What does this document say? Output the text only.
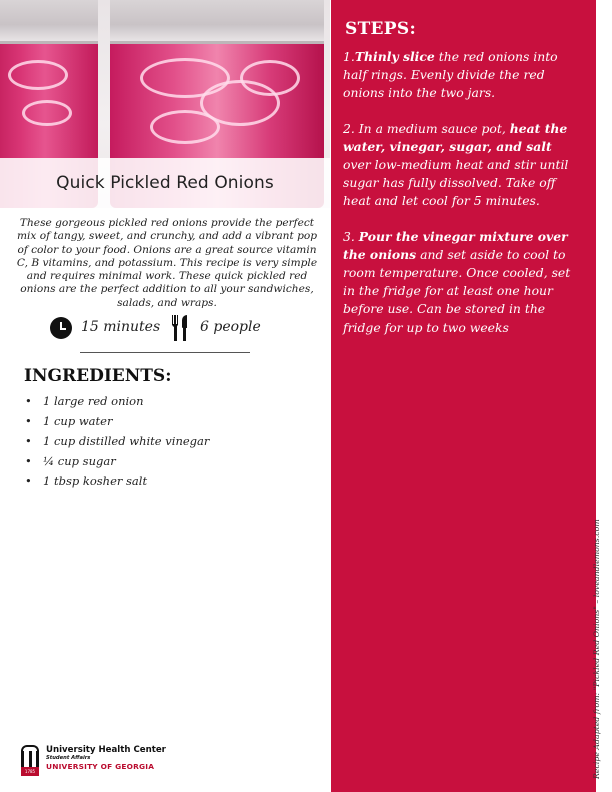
Quick Pickled Red Onions

These gorgeous pickled red onions provide the perfect mix of tangy, sweet, and crunchy, and add a vibrant pop of color to your food. Onions are a great source vitamin C, B vitamins, and potassium. This recipe is very simple and requires minimal work. These quick pickled red onions are the perfect addition to all your sandwiches, salads, and wraps.

15 minutes	6 people
INGREDIENTS:
• 1 large red onion
• 1 cup water
• 1 cup distilled white vinegar
• ¼ cup sugar
• 1 tbsp kosher salt
1785
University Health Center
Student Affairs
UNIVERSITY OF GEORGIA
STEPS:

1.Thinly slice the red onions into half rings. Evenly divide the red onions into the two jars.

2. In a medium sauce pot, heat the water, vinegar, sugar, and salt over low-medium heat and stir until sugar has fully dissolved. Take off heat and let cool for 5 minutes.

3. Pour the vinegar mixture over the onions and set aside to cool to room temperature. Once cooled, set in the fridge for at least one hour before use. Can be stored in the fridge for up to two weeks

Recipe Adapted from: "Pickled Red Onions" – loveandlemons.com
